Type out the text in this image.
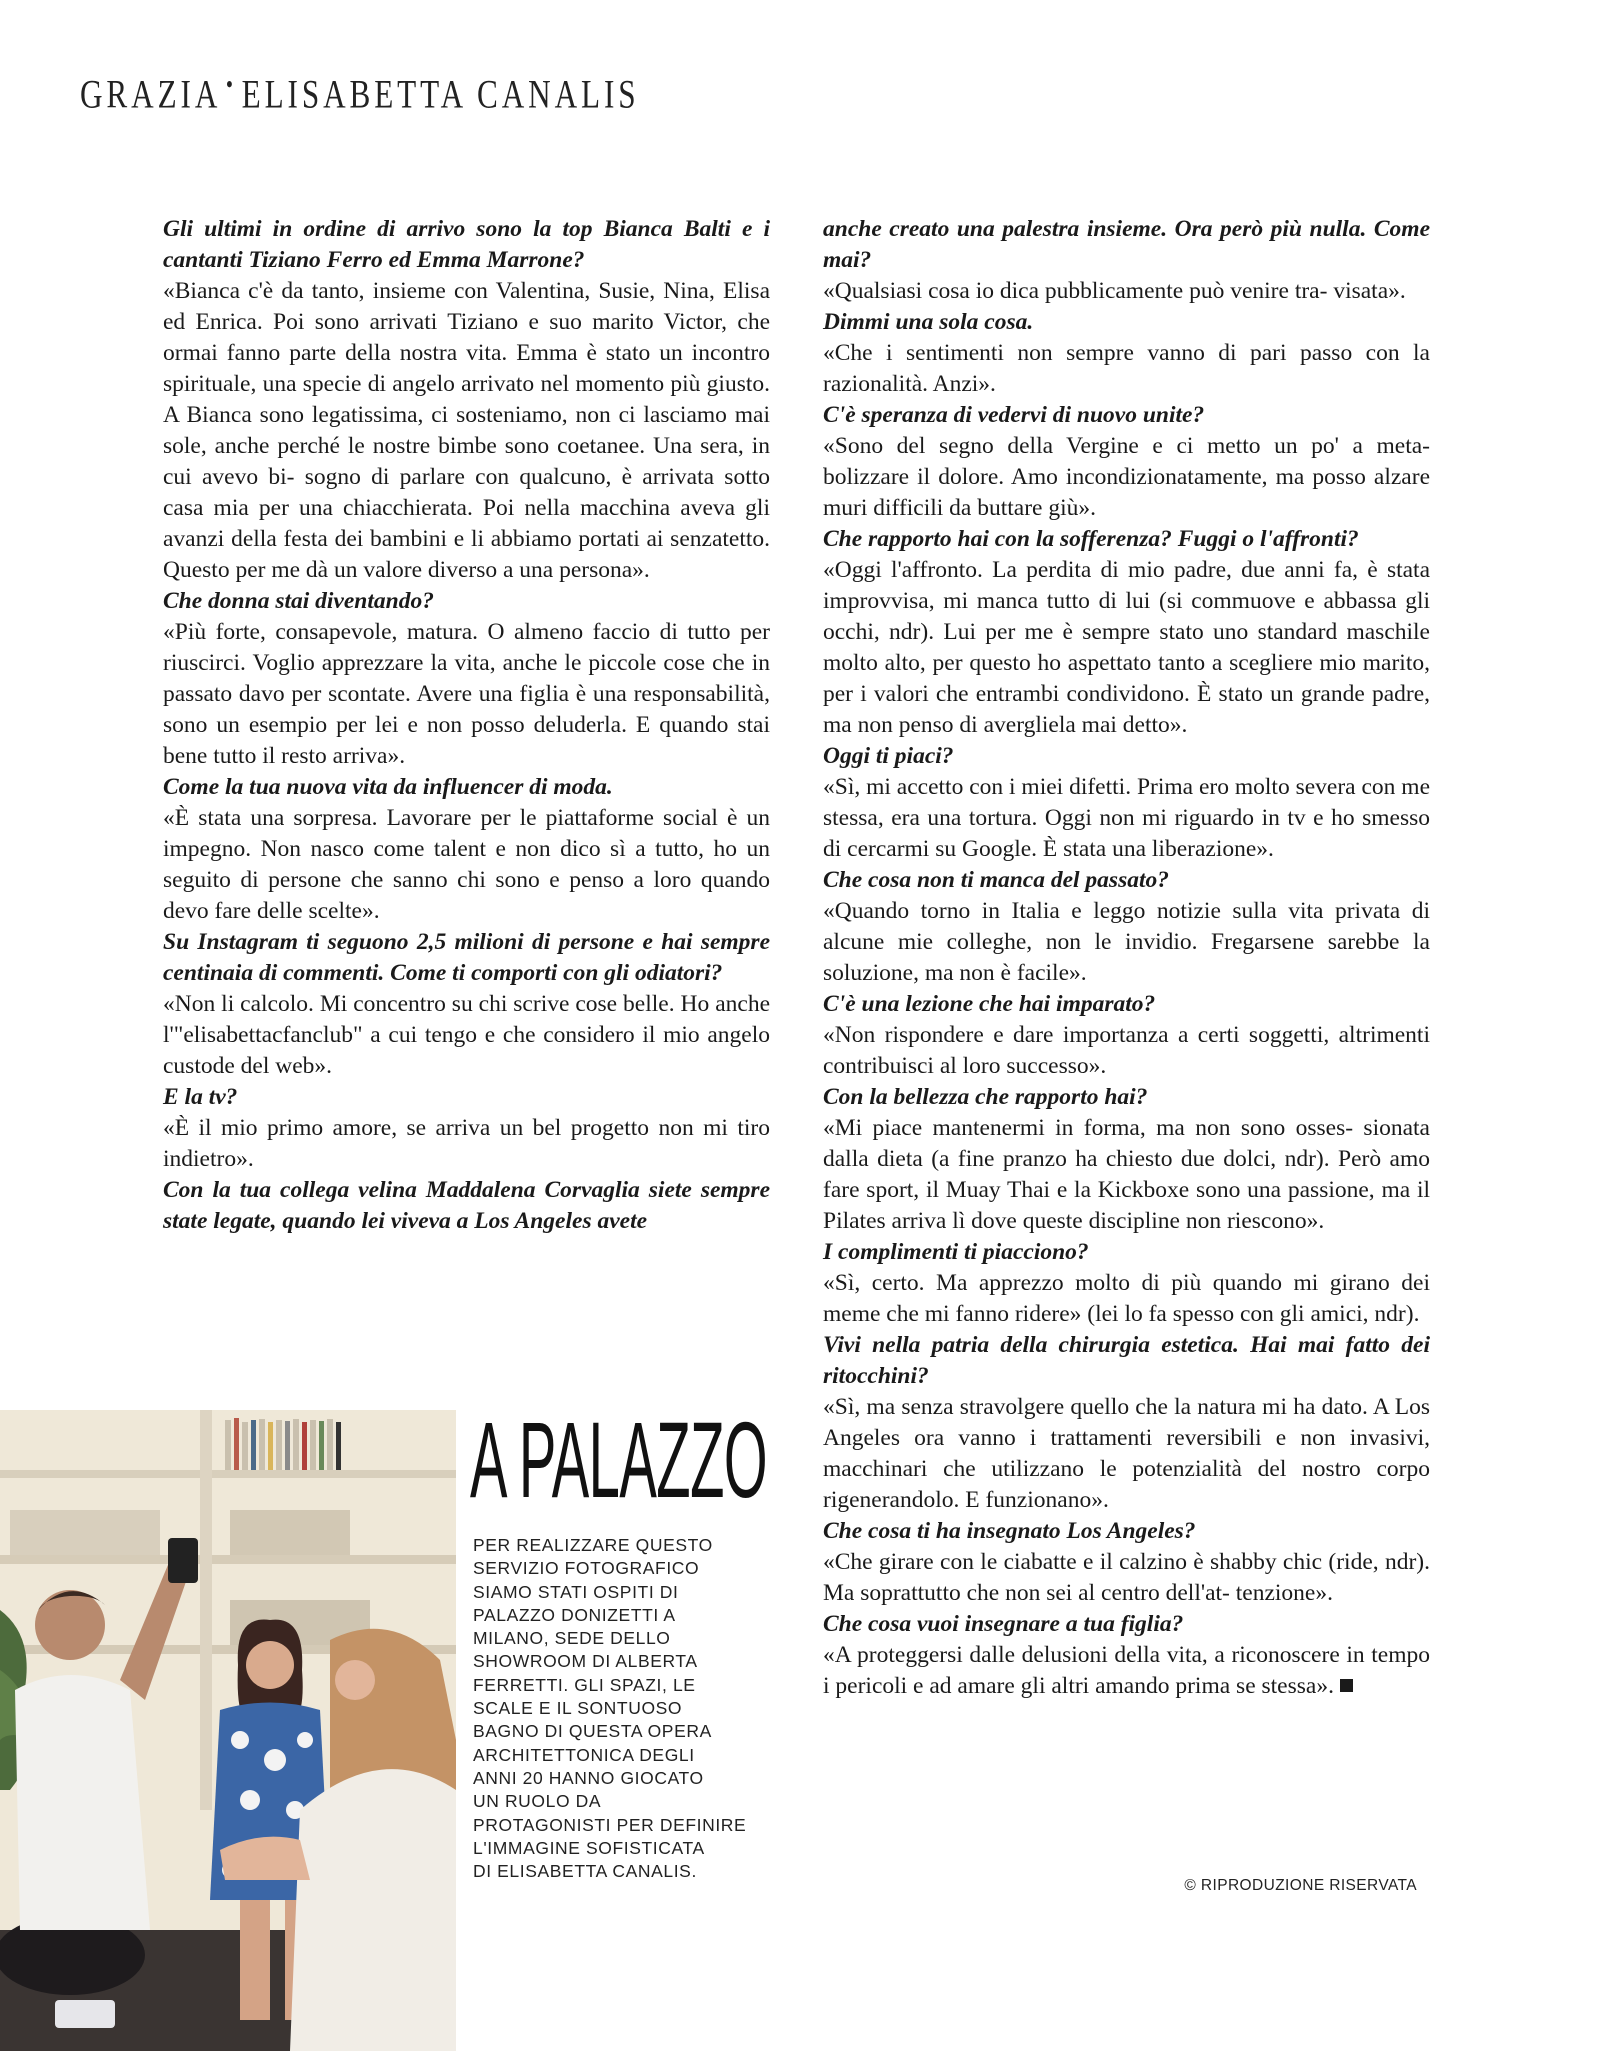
GRAZIA • ELISABETTA CANALIS

Gli ultimi in ordine di arrivo sono la top Bianca Balti e i cantanti Tiziano Ferro ed Emma Marrone?

«Bianca c'è da tanto, insieme con Valentina, Susie, Nina, Elisa ed Enrica. Poi sono arrivati Tiziano e suo marito Victor, che ormai fanno parte della nostra vita. Emma è stato un incontro spirituale, una specie di angelo arrivato nel momento più giusto. A Bianca sono legatissima, ci sosteniamo, non ci lasciamo mai sole, anche perché le nostre bimbe sono coetanee. Una sera, in cui avevo bi- sogno di parlare con qualcuno, è arrivata sotto casa mia per una chiacchierata. Poi nella macchina aveva gli avanzi della festa dei bambini e li abbiamo portati ai senzatetto. Questo per me dà un valore diverso a una persona».

Che donna stai diventando?

«Più forte, consapevole, matura. O almeno faccio di tutto per riuscirci. Voglio apprezzare la vita, anche le piccole cose che in passato davo per scontate. Avere una figlia è una responsabilità, sono un esempio per lei e non posso deluderla. E quando stai bene tutto il resto arriva».

Come la tua nuova vita da influencer di moda.

«È stata una sorpresa. Lavorare per le piattaforme social è un impegno. Non nasco come talent e non dico sì a tutto, ho un seguito di persone che sanno chi sono e penso a loro quando devo fare delle scelte».

Su Instagram ti seguono 2,5 milioni di persone e hai sempre centinaia di commenti. Come ti comporti con gli odiatori?

«Non li calcolo. Mi concentro su chi scrive cose belle. Ho anche l'"elisabettacfanclub" a cui tengo e che considero il mio angelo custode del web».

E la tv?

«È il mio primo amore, se arriva un bel progetto non mi tiro indietro».

Con la tua collega velina Maddalena Corvaglia siete sempre state legate, quando lei viveva a Los Angeles avete

anche creato una palestra insieme. Ora però più nulla. Come mai?

«Qualsiasi cosa io dica pubblicamente può venire tra- visata».

Dimmi una sola cosa.

«Che i sentimenti non sempre vanno di pari passo con la razionalità. Anzi».

C'è speranza di vedervi di nuovo unite?

«Sono del segno della Vergine e ci metto un po' a meta- bolizzare il dolore. Amo incondizionatamente, ma posso alzare muri difficili da buttare giù».

Che rapporto hai con la sofferenza? Fuggi o l'affronti?

«Oggi l'affronto. La perdita di mio padre, due anni fa, è stata improvvisa, mi manca tutto di lui (si commuove e abbassa gli occhi, ndr). Lui per me è sempre stato uno standard maschile molto alto, per questo ho aspettato tanto a scegliere mio marito, per i valori che entrambi condividono. È stato un grande padre, ma non penso di avergliela mai detto».

Oggi ti piaci?

«Sì, mi accetto con i miei difetti. Prima ero molto severa con me stessa, era una tortura. Oggi non mi riguardo in tv e ho smesso di cercarmi su Google. È stata una liberazione».

Che cosa non ti manca del passato?

«Quando torno in Italia e leggo notizie sulla vita privata di alcune mie colleghe, non le invidio. Fregarsene sarebbe la soluzione, ma non è facile».

C'è una lezione che hai imparato?

«Non rispondere e dare importanza a certi soggetti, altrimenti contribuisci al loro successo».

Con la bellezza che rapporto hai?

«Mi piace mantenermi in forma, ma non sono osses- sionata dalla dieta (a fine pranzo ha chiesto due dolci, ndr). Però amo fare sport, il Muay Thai e la Kickboxe sono una passione, ma il Pilates arriva lì dove queste discipline non riescono».

I complimenti ti piacciono?

«Sì, certo. Ma apprezzo molto di più quando mi girano dei meme che mi fanno ridere» (lei lo fa spesso con gli amici, ndr).

Vivi nella patria della chirurgia estetica. Hai mai fatto dei ritocchini?

«Sì, ma senza stravolgere quello che la natura mi ha dato. A Los Angeles ora vanno i trattamenti reversibili e non invasivi, macchinari che utilizzano le potenzialità del nostro corpo rigenerandolo. E funzionano».

Che cosa ti ha insegnato Los Angeles?

«Che girare con le ciabatte e il calzino è shabby chic (ride, ndr). Ma soprattutto che non sei al centro dell'at- tenzione».

Che cosa vuoi insegnare a tua figlia?

«A proteggersi dalle delusioni della vita, a riconoscere in tempo i pericoli e ad amare gli altri amando prima se stessa».

© RIPRODUZIONE RISERVATA
A PALAZZO
PER REALIZZARE QUESTO
SERVIZIO FOTOGRAFICO
SIAMO STATI OSPITI DI
PALAZZO DONIZETTI A
MILANO, SEDE DELLO
SHOWROOM DI ALBERTA
FERRETTI. GLI SPAZI, LE
SCALE E IL SONTUOSO
BAGNO DI QUESTA OPERA
ARCHITETTONICA DEGLI
ANNI 20 HANNO GIOCATO
UN RUOLO DA
PROTAGONISTI PER DEFINIRE
L'IMMAGINE SOFISTICATA
DI ELISABETTA CANALIS.
